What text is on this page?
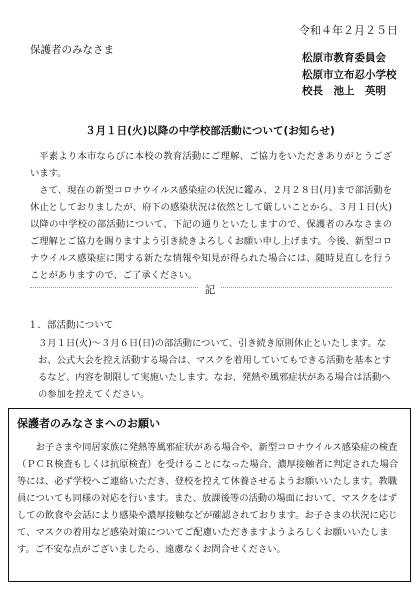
令和４年２月２５日
保護者のみなさま
松原市教育委員会
松原市立布忍小学校
校長　池上　英明
３月１日(火)以降の中学校部活動について(お知らせ)

平素より本市ならびに本校の教育活動にご理解、ご協力をいただきありがとうございます。

さて、現在の新型コロナウイルス感染症の状況に鑑み、２月２８日(月)まで部活動を休止としておりましたが、府下の感染状況は依然として厳しいことから、３月１日(火)以降の中学校の部活動について、下記の通りといたしますので、保護者のみなさまのご理解とご協力を賜りますよう引き続きよろしくお願い申し上げます。今後、新型コロナウイルス感染症に関する新たな情報や知見が得られた場合には、随時見直しを行うことがありますので、ご了承ください。

記
１．部活動について
３月１日(火)～３月６日(日)の部活動について、引き続き原則休止といたします。なお、公式大会を控え活動する場合は、マスクを着用していてもできる活動を基本とするなど、内容を制限して実施いたします。なお、発熱や風邪症状がある場合は活動への参加を控えてください。
保護者のみなさまへのお願い

お子さまや同居家族に発熱等風邪症状がある場合や、新型コロナウイルス感染症の検査（ＰＣＲ検査もしくは抗原検査）を受けることになった場合、濃厚接触者に判定された場合等には、必ず学校へご連絡いただき、登校を控えて休養させるようお願いいたします。教職員についても同様の対応を行います。また、放課後等の活動の場面において、マスクをはずしての飲食や会話により感染や濃厚接触などが確認されております。お子さまの状況に応じて、マスクの着用など感染対策についてご配慮いただきますようよろしくお願いいたします。ご不安な点がございましたら、遠慮なくお問合せください。
